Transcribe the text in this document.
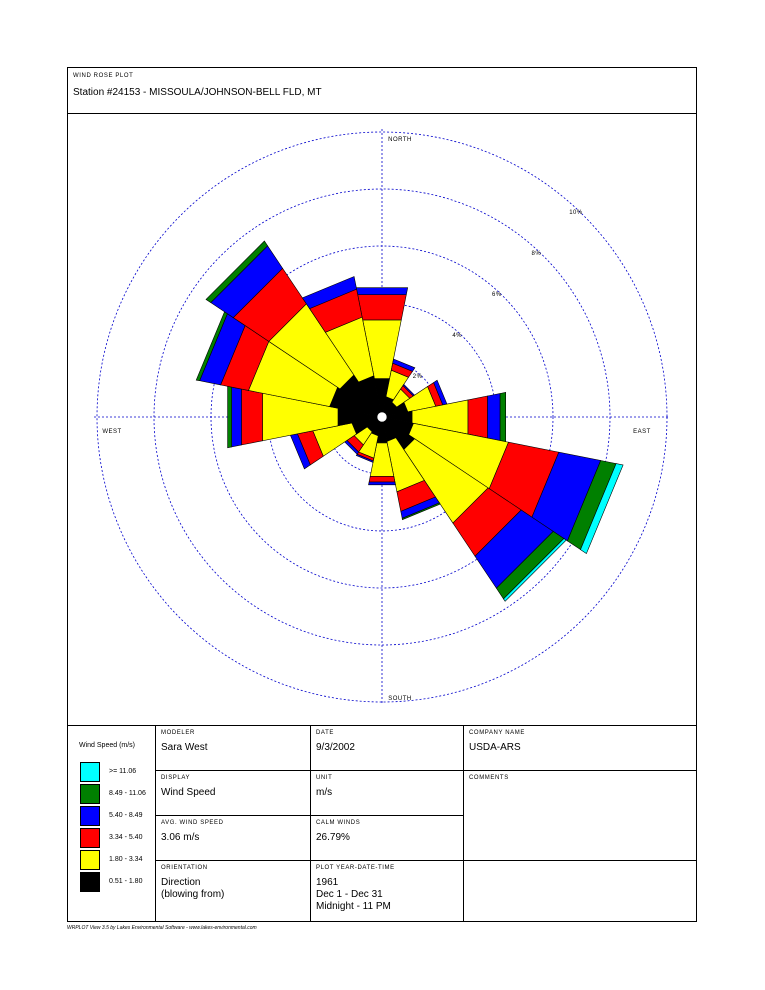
WIND ROSE PLOT
Station #24153 - MISSOULA/JOHNSON-BELL FLD, MT
NORTH
SOUTH
EAST
WEST
2%
4%
6%
8%
10%
Wind Speed (m/s)
>= 11.06
8.49 - 11.06
5.40 - 8.49
3.34 - 5.40
1.80 - 3.34
0.51 - 1.80
MODELER
Sara West
DATE
9/3/2002
COMPANY NAME
USDA-ARS
DISPLAY
Wind Speed
UNIT
m/s
COMMENTS
AVG. WIND SPEED
3.06 m/s
CALM WINDS
26.79%
ORIENTATION
Direction
(blowing from)
PLOT YEAR-DATE-TIME
1961
Dec 1 - Dec 31
Midnight - 11 PM
WRPLOT View 3.5 by Lakes Environmental Software - www.lakes-environmental.com
